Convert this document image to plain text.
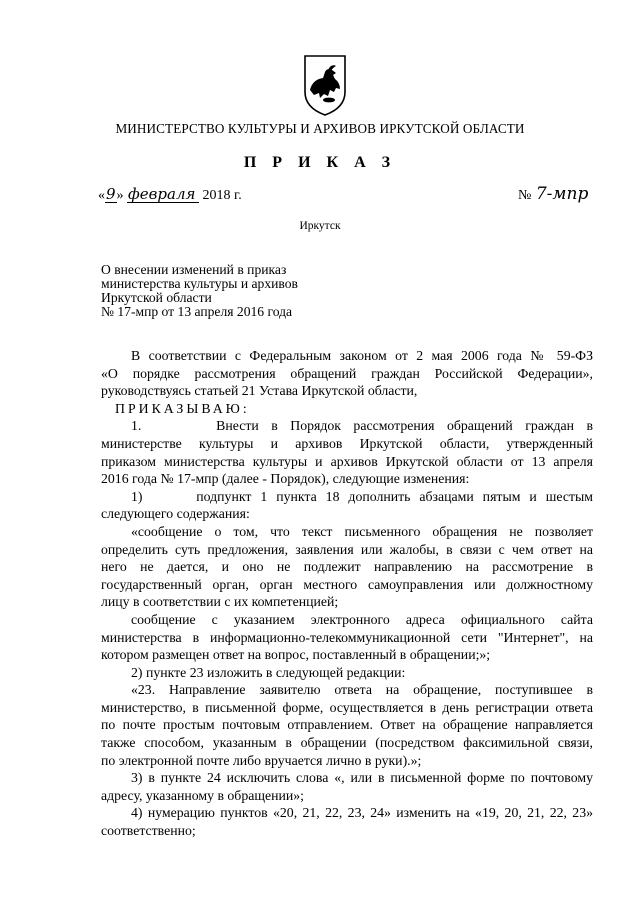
МИНИСТЕРСТВО КУЛЬТУРЫ И АРХИВОВ ИРКУТСКОЙ ОБЛАСТИ
П Р И К А З
«9» февраля 2018 г.	№ 7-мпр
Иркутск
О внесении изменений в приказ
министерства культуры и архивов
Иркутской области
№ 17-мпр от 13 апреля 2016 года
В соответствии с Федеральным законом от 2 мая 2006 года № 59-ФЗ
«О порядке рассмотрения обращений граждан Российской Федерации»,
руководствуясь статьей 21 Устава Иркутской области,
ПРИКАЗЫВАЮ:
1.      Внести в Порядок рассмотрения обращений граждан в
министерстве культуры и архивов Иркутской области, утвержденный
приказом министерства культуры и архивов Иркутской области от 13 апреля
2016 года № 17-мпр (далее - Порядок), следующие изменения:
1)      подпункт 1 пункта 18 дополнить абзацами пятым и шестым
следующего содержания:
«сообщение о том, что текст письменного обращения не позволяет
определить суть предложения, заявления или жалобы, в связи с чем ответ на
него не дается, и оно не подлежит направлению на рассмотрение в
государственный орган, орган местного самоуправления или должностному
лицу в соответствии с их компетенцией;
сообщение с указанием электронного адреса официального сайта
министерства в информационно-телекоммуникационной сети "Интернет", на
котором размещен ответ на вопрос, поставленный в обращении;»;
2) пункте 23 изложить в следующей редакции:
«23. Направление заявителю ответа на обращение, поступившее в
министерство, в письменной форме, осуществляется в день регистрации ответа
по почте простым почтовым отправлением. Ответ на обращение направляется
также способом, указанным в обращении (посредством факсимильной связи,
по электронной почте либо вручается лично в руки).»;
3) в пункте 24 исключить слова «, или в письменной форме по почтовому
адресу, указанному в обращении»;
4) нумерацию пунктов «20, 21, 22, 23, 24» изменить на «19, 20, 21, 22, 23»
соответственно;
